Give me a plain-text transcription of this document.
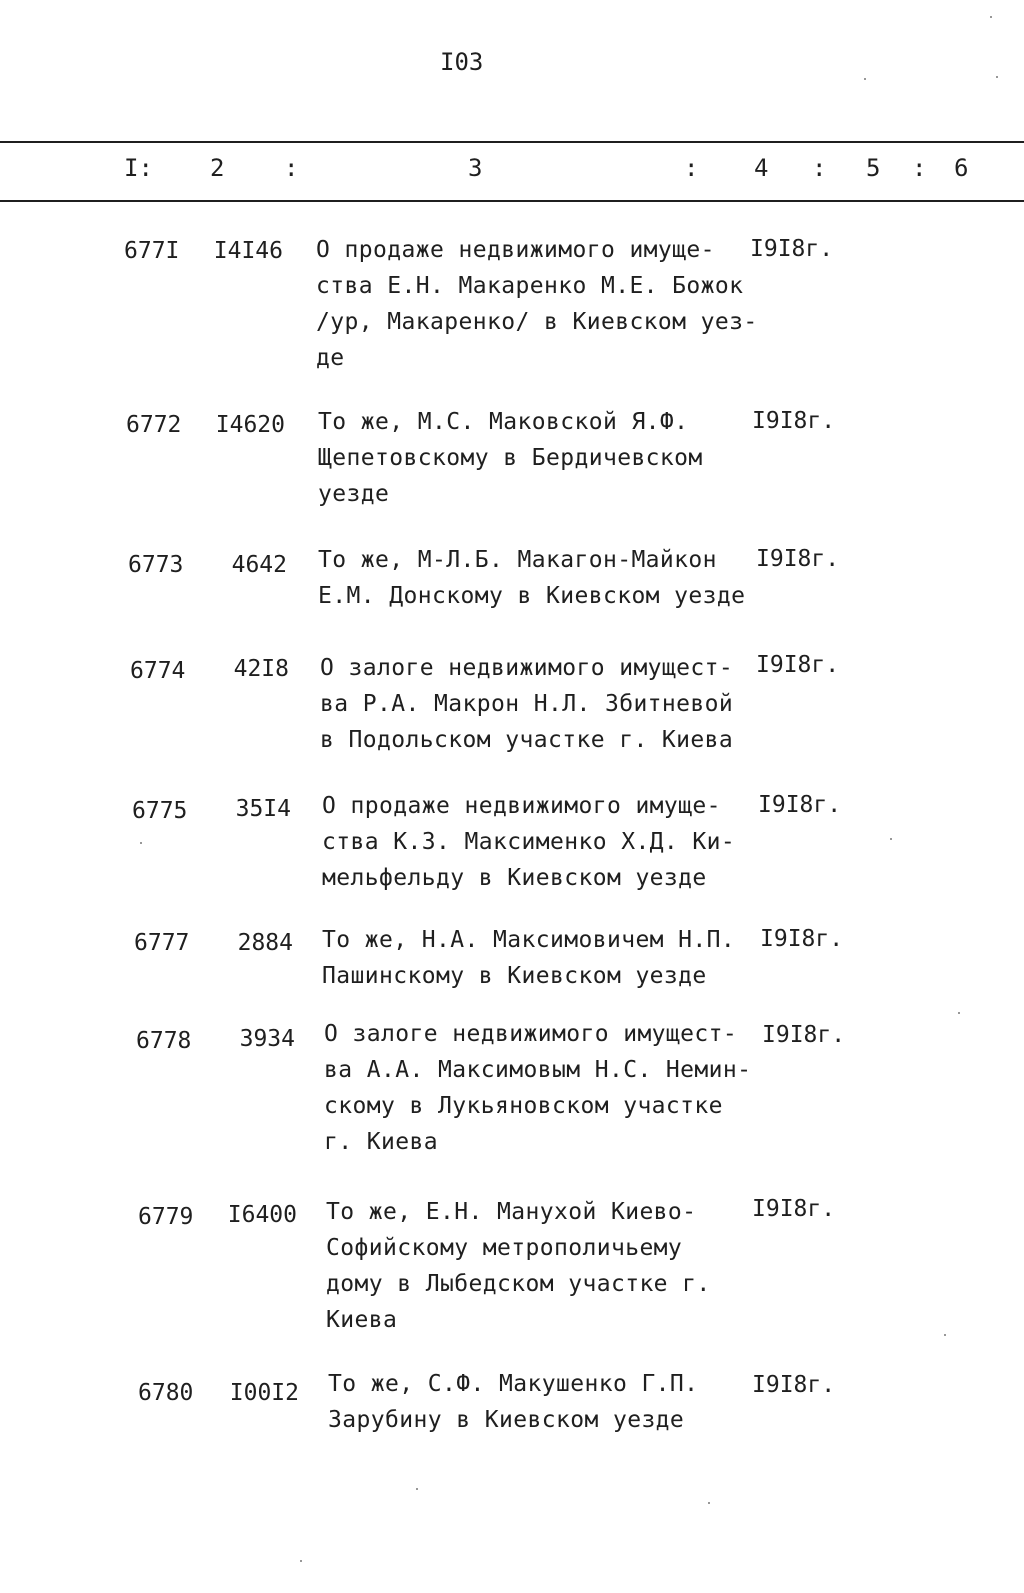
I03
I: 2 :	3	: 4 : 5 : 6
677I	I4I46 О продаже недвижимого имуще-
ства Е.Н. Макаренко М.Е. Божок
/ур, Макаренко/ в Киевском уез-
де
I9I8г.
6772	I4620 То же, М.С. Маковской Я.Ф.
Щепетовскому в Бердичевском
уезде
I9I8г.
6773	4642 То же, М-Л.Б. Макагон-Майкон
Е.М. Донскому в Киевском уезде
I9I8г.
6774	42I8 О залоге недвижимого имущест-
ва Р.А. Макрон Н.Л. Збитневой
в Подольском участке г. Киева
I9I8г.
6775	35I4 О продаже недвижимого имуще-
ства К.З. Максименко Х.Д. Ки-
мельфельду в Киевском уезде
I9I8г.
6777	2884 То же, Н.А. Максимовичем Н.П.
Пашинскому в Киевском уезде
I9I8г.
6778	3934 О залоге недвижимого имущест-
ва А.А. Максимовым Н.С. Немин-
скому в Лукьяновском участке
г. Киева
I9I8г.
6779	I6400 То же, Е.Н. Манухой Киево-
Софийскому метрополичьему
дому в Лыбедском участке г.
Киева
I9I8г.
6780	I00I2 То же, С.Ф. Макушенко Г.П.
Зарубину в Киевском уезде
I9I8г.
